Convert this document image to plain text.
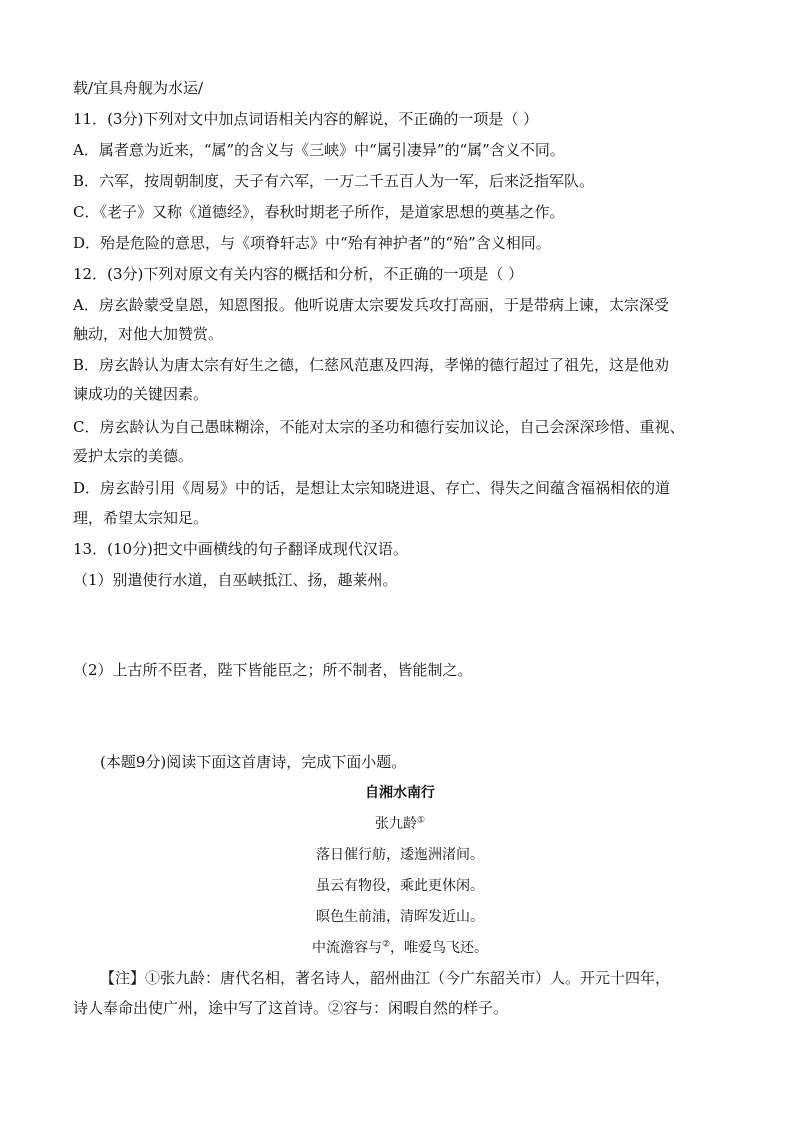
载/宜具舟舰为水运/
11．(3分)下列对文中加点词语相关内容的解说，不正确的一项是（ ）
A．属者意为近来，“属”的含义与《三峡》中“属引凄异”的“属”含义不同。
B．六军，按周朝制度，天子有六军，一万二千五百人为一军，后来泛指军队。
C．《老子》又称《道德经》，春秋时期老子所作，是道家思想的奠基之作。
D．殆是危险的意思，与《项脊轩志》中“殆有神护者”的“殆”含义相同。
12．(3分)下列对原文有关内容的概括和分析，不正确的一项是（ ）
A．房玄龄蒙受皇恩，知恩图报。他听说唐太宗要发兵攻打高丽，于是带病上谏，太宗深受
触动，对他大加赞赏。
B．房玄龄认为唐太宗有好生之德，仁慈风范惠及四海，孝悌的德行超过了祖先，这是他劝
谏成功的关键因素。
C．房玄龄认为自己愚昧糊涂，不能对太宗的圣功和德行妄加议论，自己会深深珍惜、重视、
爱护太宗的美德。
D．房玄龄引用《周易》中的话，是想让太宗知晓进退、存亡、得失之间蕴含福祸相依的道
理，希望太宗知足。
13．(10分)把文中画横线的句子翻译成现代汉语。
（1）别遣使行水道，自巫峡抵江、扬，趣莱州。
（2）上古所不臣者，陛下皆能臣之；所不制者，皆能制之。
(本题9分)阅读下面这首唐诗，完成下面小题。
自湘水南行
张九龄①
落日催行舫，逶迤洲渚间。
虽云有物役，乘此更休闲。
暝色生前浦，清晖发近山。
中流澹容与②，唯爱鸟飞还。
【注】①张九龄：唐代名相，著名诗人，韶州曲江（今广东韶关市）人。开元十四年，
诗人奉命出使广州，途中写了这首诗。②容与：闲暇自然的样子。
